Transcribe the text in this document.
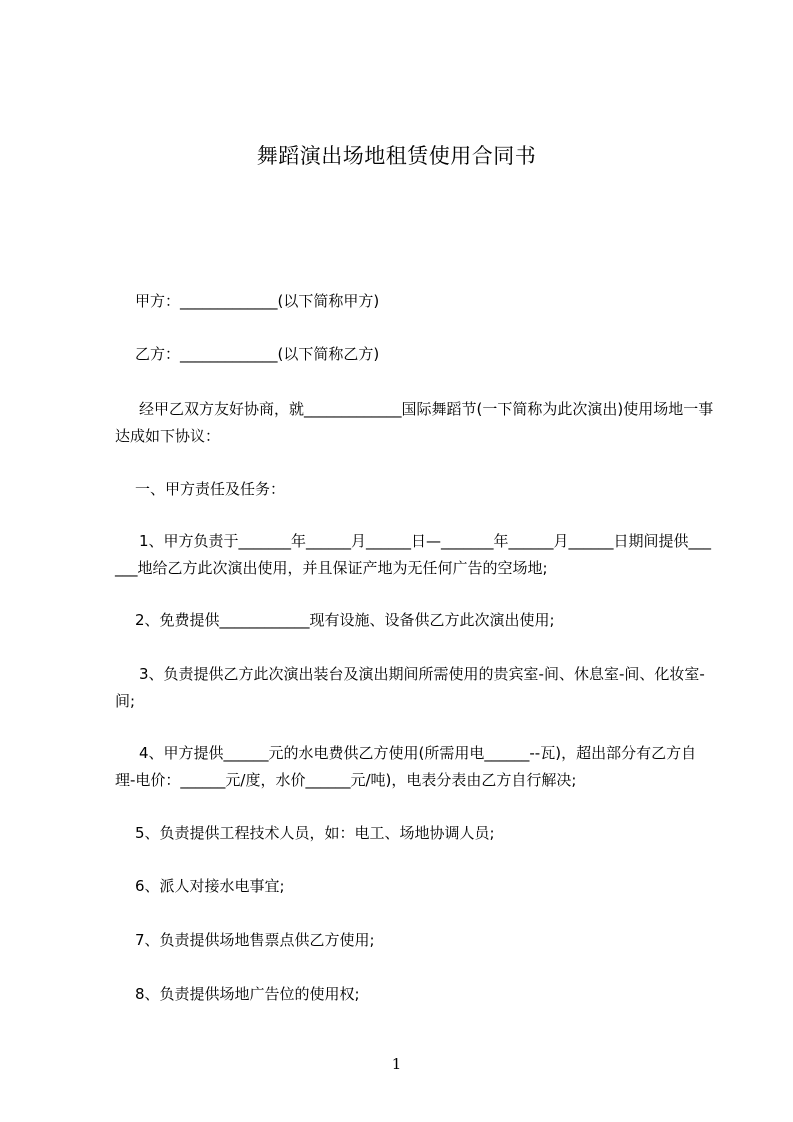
舞蹈演出场地租赁使用合同书

甲方：_____________(以下简称甲方)

乙方：_____________(以下简称乙方)

经甲乙双方友好协商，就_____________国际舞蹈节(一下简称为此次演出)使用场地一事达成如下协议：

一、甲方责任及任务：

1、甲方负责于_______年______月______日—_______年______月______日期间提供______地给乙方此次演出使用，并且保证产地为无任何广告的空场地;

2、免费提供____________现有设施、设备供乙方此次演出使用;

3、负责提供乙方此次演出装台及演出期间所需使用的贵宾室-间、休息室-间、化妆室-间;

4、甲方提供______元的水电费供乙方使用(所需用电______--瓦)，超出部分有乙方自理-电价：______元/度，水价______元/吨)，电表分表由乙方自行解决;

5、负责提供工程技术人员，如：电工、场地协调人员;

6、派人对接水电事宜;

7、负责提供场地售票点供乙方使用;

8、负责提供场地广告位的使用权;

1
